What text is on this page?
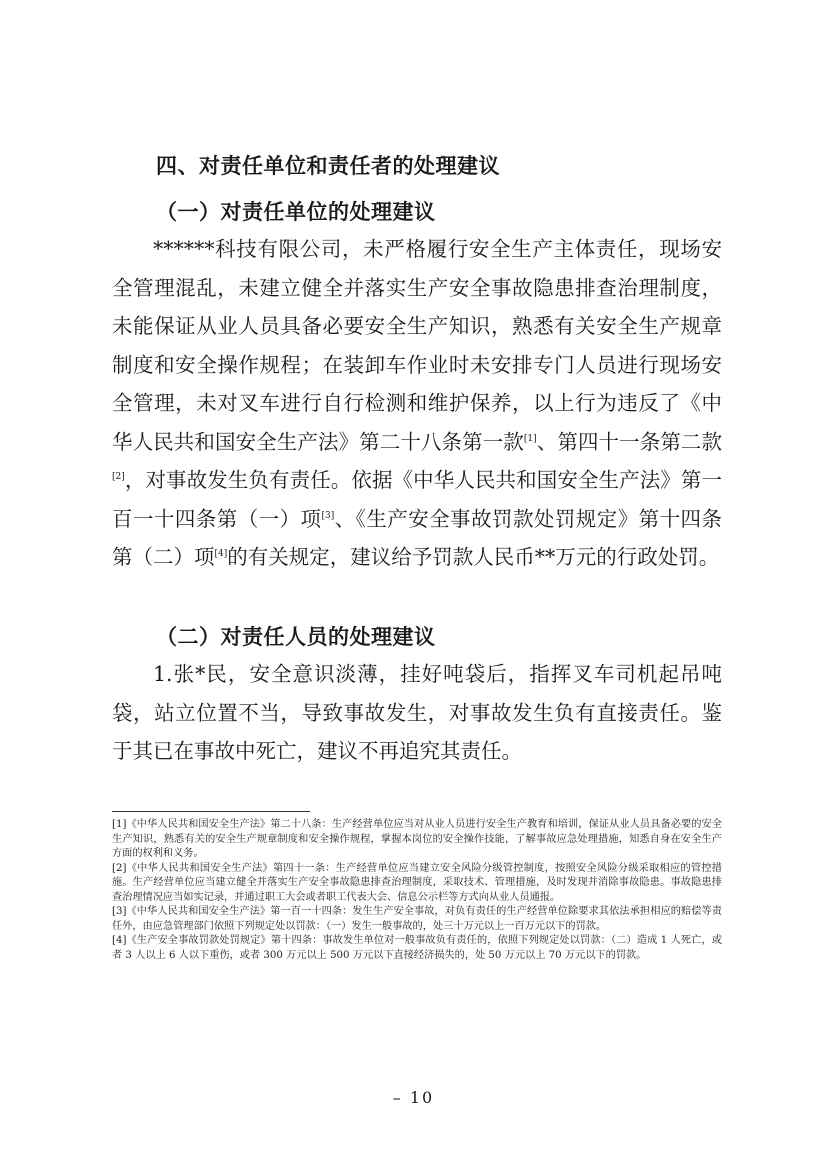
四、对责任单位和责任者的处理建议
（一）对责任单位的处理建议

******科技有限公司，未严格履行安全生产主体责任，现场安全管理混乱，未建立健全并落实生产安全事故隐患排查治理制度，未能保证从业人员具备必要安全生产知识，熟悉有关安全生产规章制度和安全操作规程；在装卸车作业时未安排专门人员进行现场安全管理，未对叉车进行自行检测和维护保养，以上行为违反了《中华人民共和国安全生产法》第二十八条第一款[1]、第四十一条第二款[2]，对事故发生负有责任。依据《中华人民共和国安全生产法》第一百一十四条第（一）项[3]、《生产安全事故罚款处罚规定》第十四条第（二）项[4]的有关规定，建议给予罚款人民币**万元的行政处罚。

（二）对责任人员的处理建议

1.张*民，安全意识淡薄，挂好吨袋后，指挥叉车司机起吊吨袋，站立位置不当，导致事故发生，对事故发生负有直接责任。鉴于其已在事故中死亡，建议不再追究其责任。

[1]《中华人民共和国安全生产法》第二十八条：生产经营单位应当对从业人员进行安全生产教育和培训，保证从业人员具备必要的安全生产知识，熟悉有关的安全生产规章制度和安全操作规程，掌握本岗位的安全操作技能，了解事故应急处理措施，知悉自身在安全生产方面的权利和义务。

[2]《中华人民共和国安全生产法》第四十一条：生产经营单位应当建立安全风险分级管控制度，按照安全风险分级采取相应的管控措施。生产经营单位应当建立健全并落实生产安全事故隐患排查治理制度，采取技术、管理措施，及时发现并消除事故隐患。事故隐患排查治理情况应当如实记录，并通过职工大会或者职工代表大会、信息公示栏等方式向从业人员通报。

[3]《中华人民共和国安全生产法》第一百一十四条：发生生产安全事故，对负有责任的生产经营单位除要求其依法承担相应的赔偿等责任外，由应急管理部门依照下列规定处以罚款：（一）发生一般事故的，处三十万元以上一百万元以下的罚款。

[4]《生产安全事故罚款处罚规定》第十四条：事故发生单位对一般事故负有责任的，依照下列规定处以罚款：（二）造成 1 人死亡，或者 3 人以上 6 人以下重伤，或者 300 万元以上 500 万元以下直接经济损失的，处 50 万元以上 70 万元以下的罚款。

– 10
